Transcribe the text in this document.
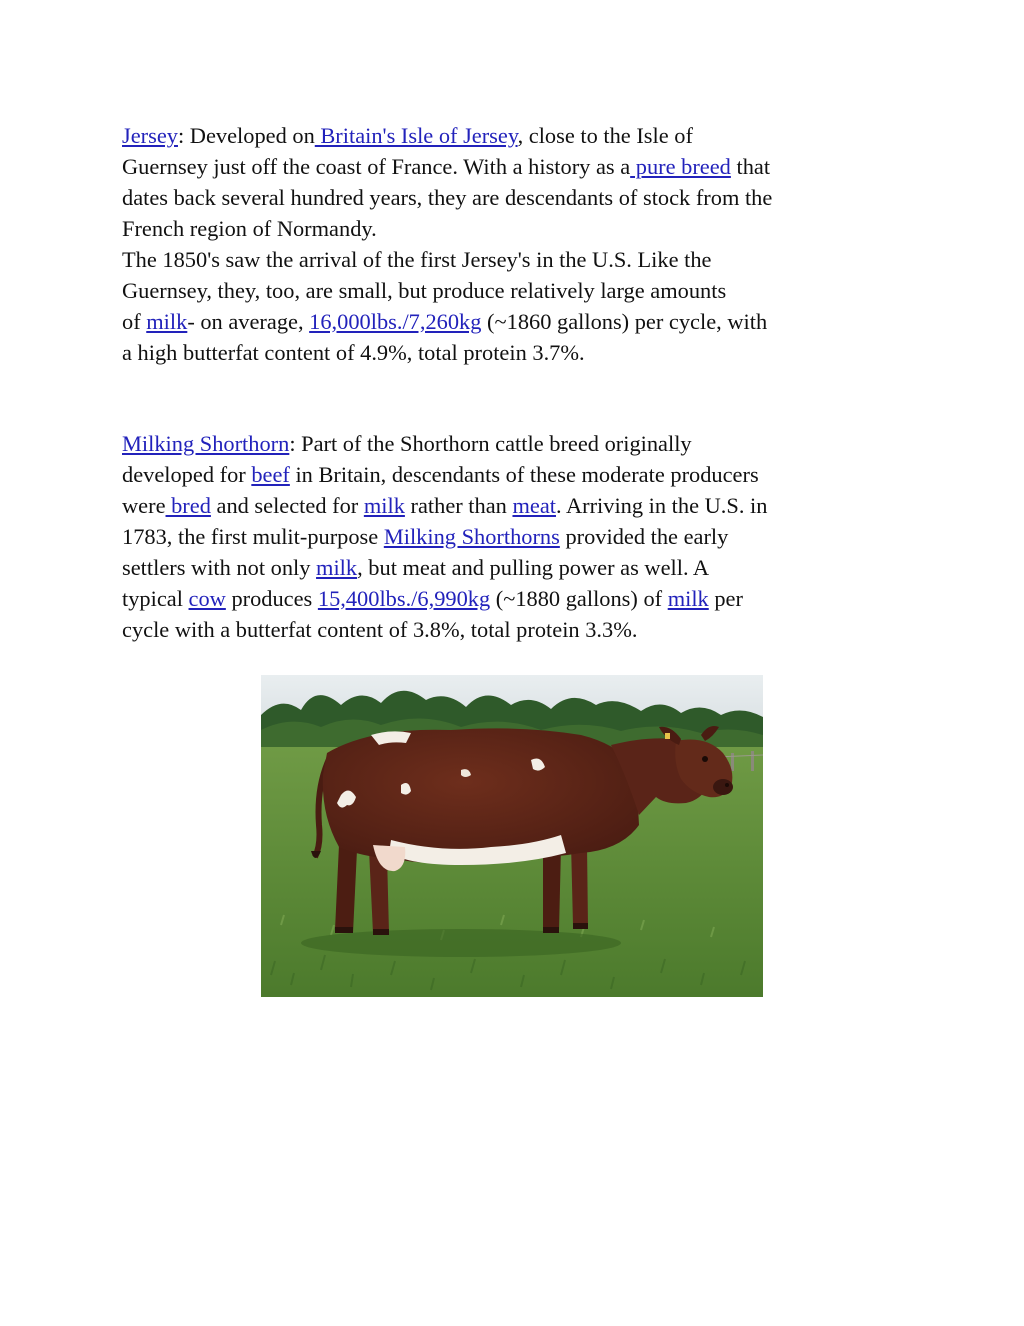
Jersey: Developed on Britain's Isle of Jersey, close to the Isle of
Guernsey just off the coast of France. With a history as a pure breed that
dates back several hundred years, they are descendants of stock from the
French region of Normandy.
The 1850's saw the arrival of the first Jersey's in the U.S. Like the
Guernsey, they, too, are small, but produce relatively large amounts
of milk- on average, 16,000lbs./7,260kg (~1860 gallons) per cycle, with
a high butterfat content of 4.9%, total protein 3.7%.

Milking Shorthorn: Part of the Shorthorn cattle breed originally
developed for beef in Britain, descendants of these moderate producers
were bred and selected for milk rather than meat. Arriving in the U.S. in
1783, the first mulit-purpose Milking Shorthorns provided the early
settlers with not only milk, but meat and pulling power as well. A
typical cow produces 15,400lbs./6,990kg (~1880 gallons) of milk per
cycle with a butterfat content of 3.8%, total protein 3.3%.
